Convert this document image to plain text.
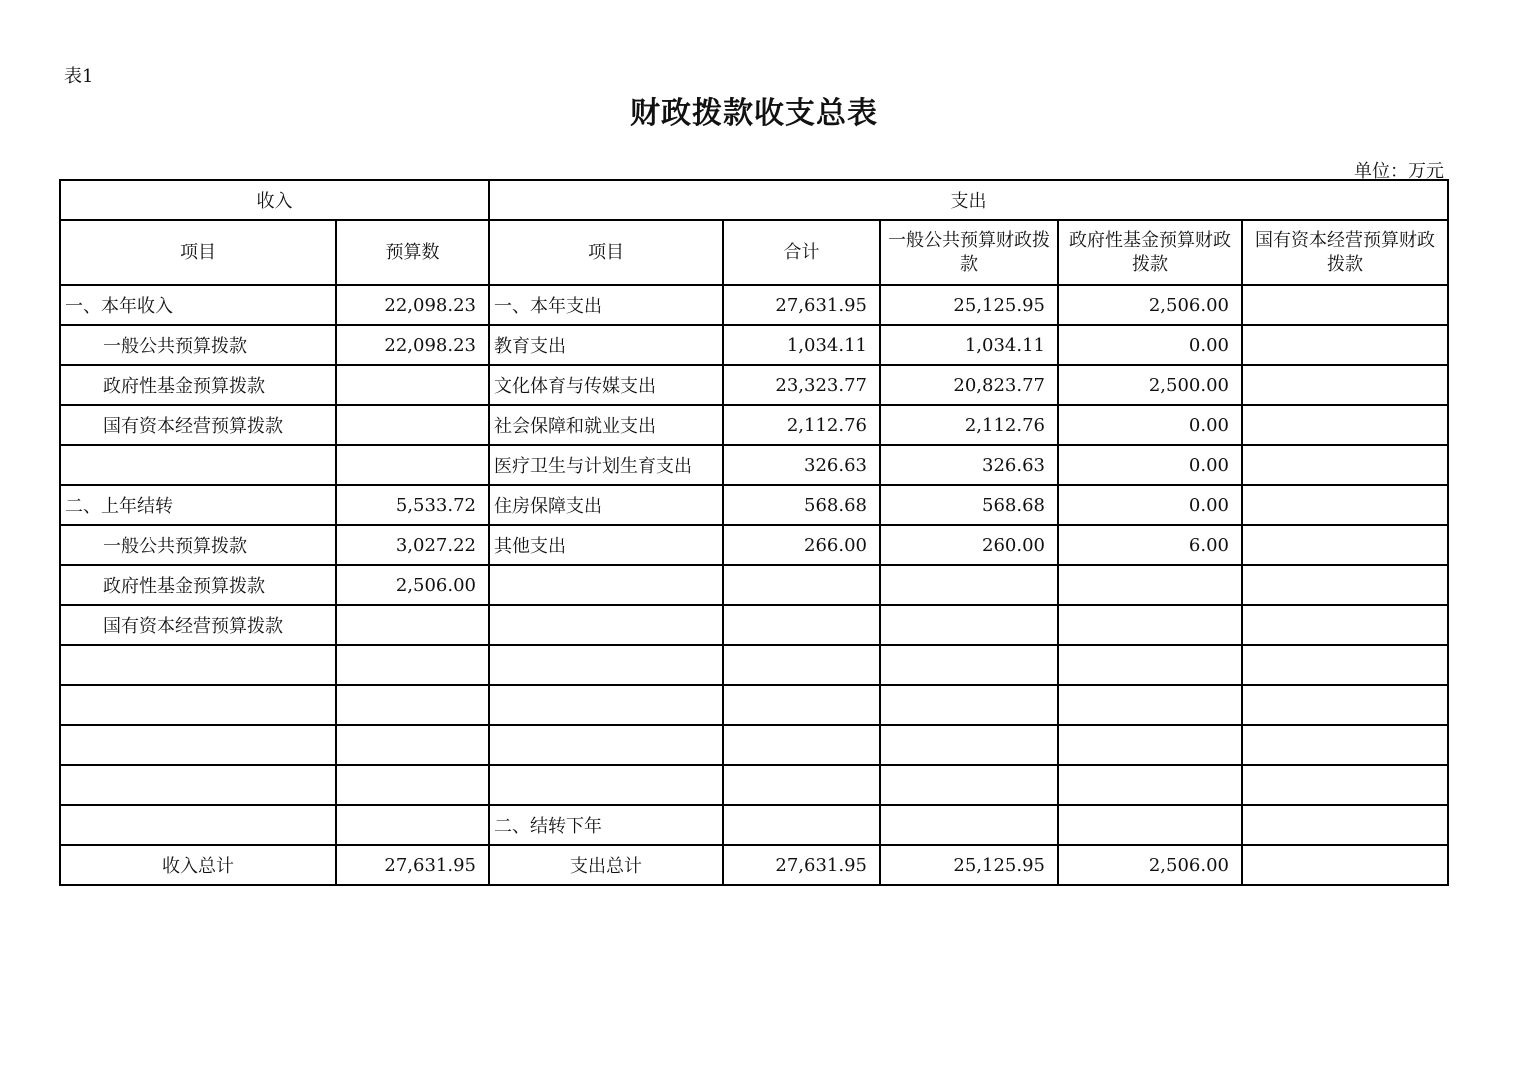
表1
财政拨款收支总表
单位：万元
收入		支出				
项目	预算数	项目	合计	一般公共预算财政拨款	政府性基金预算财政拨款	国有资本经营预算财政拨款
一、本年收入	22,098.23	一、本年支出	27,631.95	25,125.95	2,506.00	
一般公共预算拨款	22,098.23	教育支出	1,034.11	1,034.11	0.00	
政府性基金预算拨款		文化体育与传媒支出	23,323.77	20,823.77	2,500.00	
国有资本经营预算拨款		社会保障和就业支出	2,112.76	2,112.76	0.00	
		医疗卫生与计划生育支出	326.63	326.63	0.00	
二、上年结转	5,533.72	住房保障支出	568.68	568.68	0.00	
一般公共预算拨款	3,027.22	其他支出	266.00	260.00	6.00	
政府性基金预算拨款	2,506.00					
国有资本经营预算拨款						

		二、结转下年				
收入总计	27,631.95	支出总计	27,631.95	25,125.95	2,506.00	
